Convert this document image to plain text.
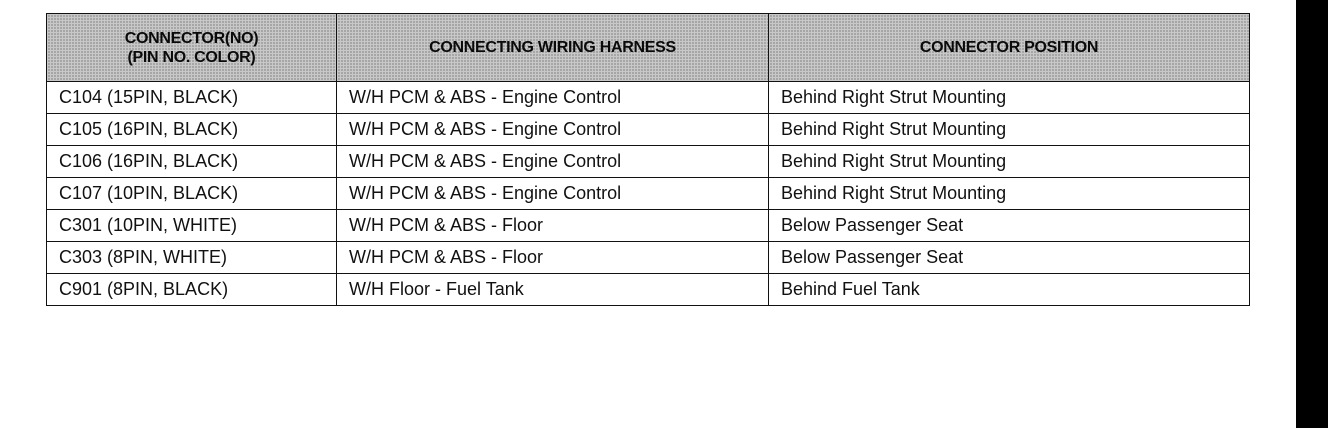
CONNECTOR(NO)
(PIN NO. COLOR)	CONNECTING WIRING HARNESS	CONNECTOR POSITION
C104 (15PIN, BLACK)	W/H PCM & ABS - Engine Control	Behind Right Strut Mounting
C105 (16PIN, BLACK)	W/H PCM & ABS - Engine Control	Behind Right Strut Mounting
C106 (16PIN, BLACK)	W/H PCM & ABS - Engine Control	Behind Right Strut Mounting
C107 (10PIN, BLACK)	W/H PCM & ABS - Engine Control	Behind Right Strut Mounting
C301 (10PIN, WHITE)	W/H PCM & ABS - Floor	Below Passenger Seat
C303 (8PIN, WHITE)	W/H PCM & ABS - Floor	Below Passenger Seat
C901 (8PIN, BLACK)	W/H Floor - Fuel Tank	Behind Fuel Tank
